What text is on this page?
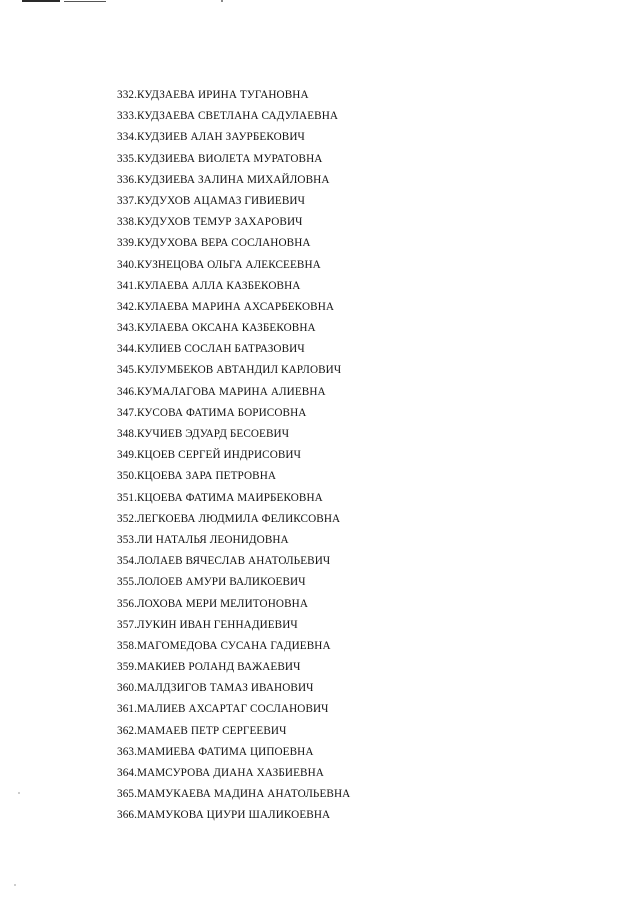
332.КУДЗАЕВА ИРИНА ТУГАНОВНА
333.КУДЗАЕВА СВЕТЛАНА САДУЛАЕВНА
334.КУДЗИЕВ АЛАН ЗАУРБЕКОВИЧ
335.КУДЗИЕВА ВИОЛЕТА МУРАТОВНА
336.КУДЗИЕВА ЗАЛИНА МИХАЙЛОВНА
337.КУДУХОВ АЦАМАЗ ГИВИЕВИЧ
338.КУДУХОВ ТЕМУР ЗАХАРОВИЧ
339.КУДУХОВА ВЕРА СОСЛАНОВНА
340.КУЗНЕЦОВА ОЛЬГА АЛЕКСЕЕВНА
341.КУЛАЕВА АЛЛА КАЗБЕКОВНА
342.КУЛАЕВА МАРИНА АХСАРБЕКОВНА
343.КУЛАЕВА ОКСАНА КАЗБЕКОВНА
344.КУЛИЕВ СОСЛАН БАТРАЗОВИЧ
345.КУЛУМБЕКОВ АВТАНДИЛ КАРЛОВИЧ
346.КУМАЛАГОВА МАРИНА АЛИЕВНА
347.КУСОВА ФАТИМА БОРИСОВНА
348.КУЧИЕВ ЭДУАРД БЕСОЕВИЧ
349.КЦОЕВ СЕРГЕЙ ИНДРИСОВИЧ
350.КЦОЕВА ЗАРА ПЕТРОВНА
351.КЦОЕВА ФАТИМА МАИРБЕКОВНА
352.ЛЕГКОЕВА ЛЮДМИЛА ФЕЛИКСОВНА
353.ЛИ НАТАЛЬЯ ЛЕОНИДОВНА
354.ЛОЛАЕВ ВЯЧЕСЛАВ АНАТОЛЬЕВИЧ
355.ЛОЛОЕВ АМУРИ ВАЛИКОЕВИЧ
356.ЛОХОВА МЕРИ МЕЛИТОНОВНА
357.ЛУКИН ИВАН ГЕННАДИЕВИЧ
358.МАГОМЕДОВА СУСАНА ГАДИЕВНА
359.МАКИЕВ РОЛАНД ВАЖАЕВИЧ
360.МАЛДЗИГОВ ТАМАЗ ИВАНОВИЧ
361.МАЛИЕВ АХСАРТАГ СОСЛАНОВИЧ
362.МАМАЕВ ПЕТР СЕРГЕЕВИЧ
363.МАМИЕВА ФАТИМА ЦИПОЕВНА
364.МАМСУРОВА ДИАНА ХАЗБИЕВНА
365.МАМУКАЕВА МАДИНА АНАТОЛЬЕВНА
366.МАМУКОВА ЦИУРИ ШАЛИКОЕВНА
